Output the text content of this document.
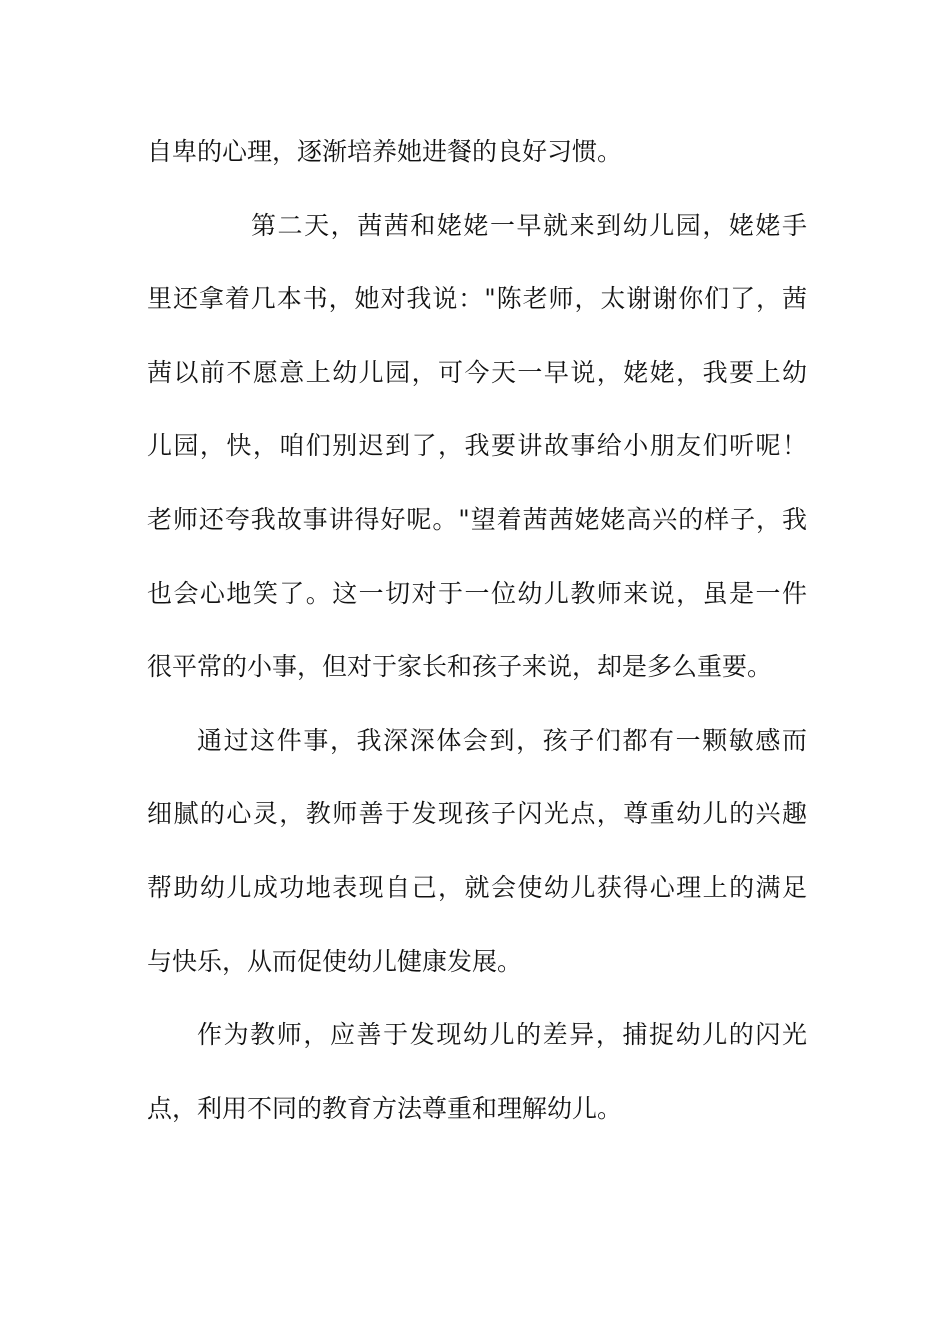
自卑的心理，逐渐培养她进餐的良好习惯。
第二天，茜茜和姥姥一早就来到幼儿园，姥姥手
里还拿着几本书，她对我说："陈老师，太谢谢你们了，茜
茜以前不愿意上幼儿园，可今天一早说，姥姥，我要上幼
儿园，快，咱们别迟到了，我要讲故事给小朋友们听呢！
老师还夸我故事讲得好呢。"望着茜茜姥姥高兴的样子，我
也会心地笑了。这一切对于一位幼儿教师来说，虽是一件
很平常的小事，但对于家长和孩子来说，却是多么重要。
通过这件事，我深深体会到，孩子们都有一颗敏感而
细腻的心灵，教师善于发现孩子闪光点，尊重幼儿的兴趣
帮助幼儿成功地表现自己，就会使幼儿获得心理上的满足
与快乐，从而促使幼儿健康发展。
作为教师，应善于发现幼儿的差异，捕捉幼儿的闪光
点，利用不同的教育方法尊重和理解幼儿。
